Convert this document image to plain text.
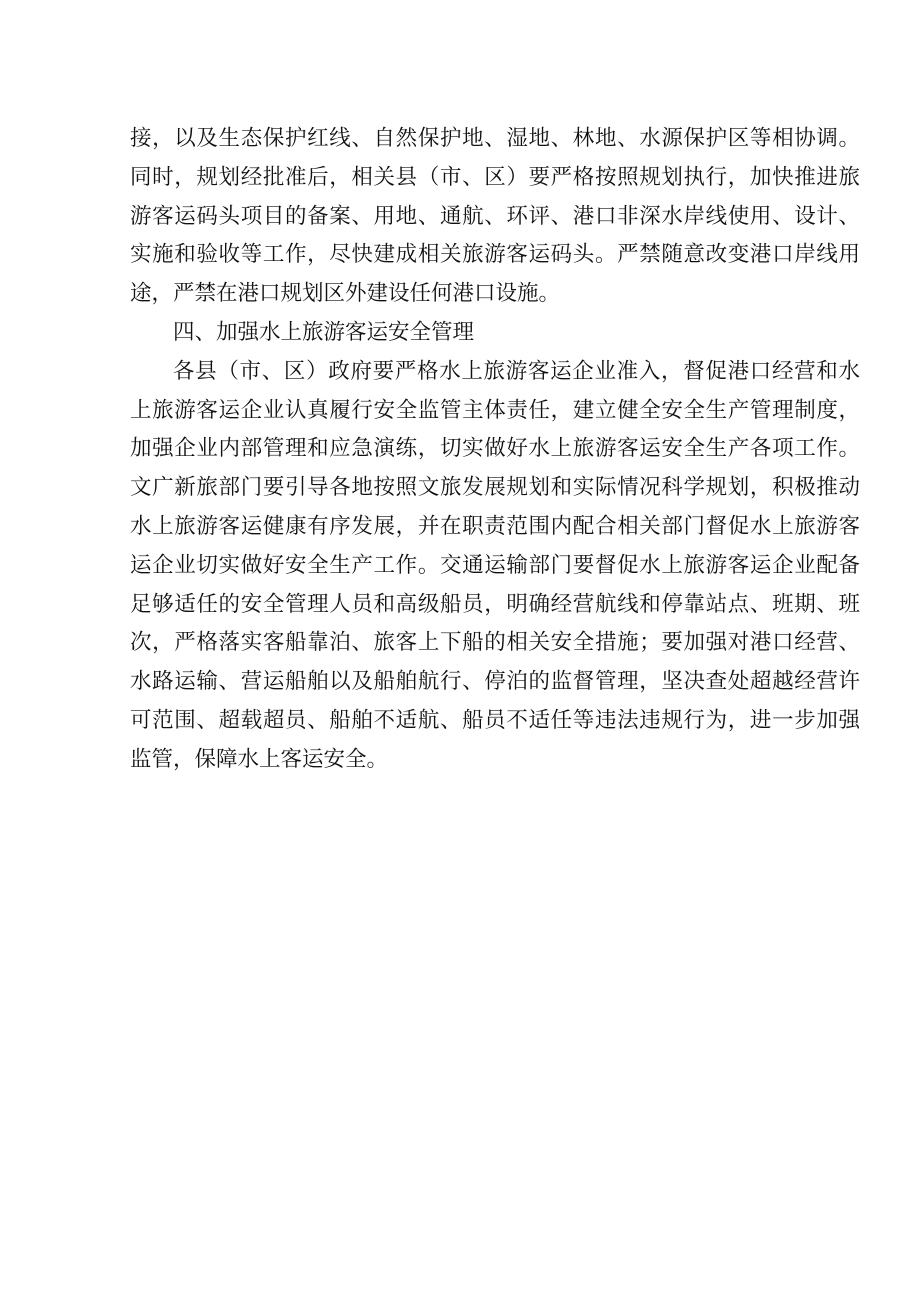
接，以及生态保护红线、自然保护地、湿地、林地、水源保护区等相协调。
同时，规划经批准后，相关县（市、区）要严格按照规划执行，加快推进旅
游客运码头项目的备案、用地、通航、环评、港口非深水岸线使用、设计、
实施和验收等工作，尽快建成相关旅游客运码头。严禁随意改变港口岸线用
途，严禁在港口规划区外建设任何港口设施。
四、加强水上旅游客运安全管理
各县（市、区）政府要严格水上旅游客运企业准入，督促港口经营和水
上旅游客运企业认真履行安全监管主体责任，建立健全安全生产管理制度，
加强企业内部管理和应急演练，切实做好水上旅游客运安全生产各项工作。
文广新旅部门要引导各地按照文旅发展规划和实际情况科学规划，积极推动
水上旅游客运健康有序发展，并在职责范围内配合相关部门督促水上旅游客
运企业切实做好安全生产工作。交通运输部门要督促水上旅游客运企业配备
足够适任的安全管理人员和高级船员，明确经营航线和停靠站点、班期、班
次，严格落实客船靠泊、旅客上下船的相关安全措施；要加强对港口经营、
水路运输、营运船舶以及船舶航行、停泊的监督管理，坚决查处超越经营许
可范围、超载超员、船舶不适航、船员不适任等违法违规行为，进一步加强
监管，保障水上客运安全。
